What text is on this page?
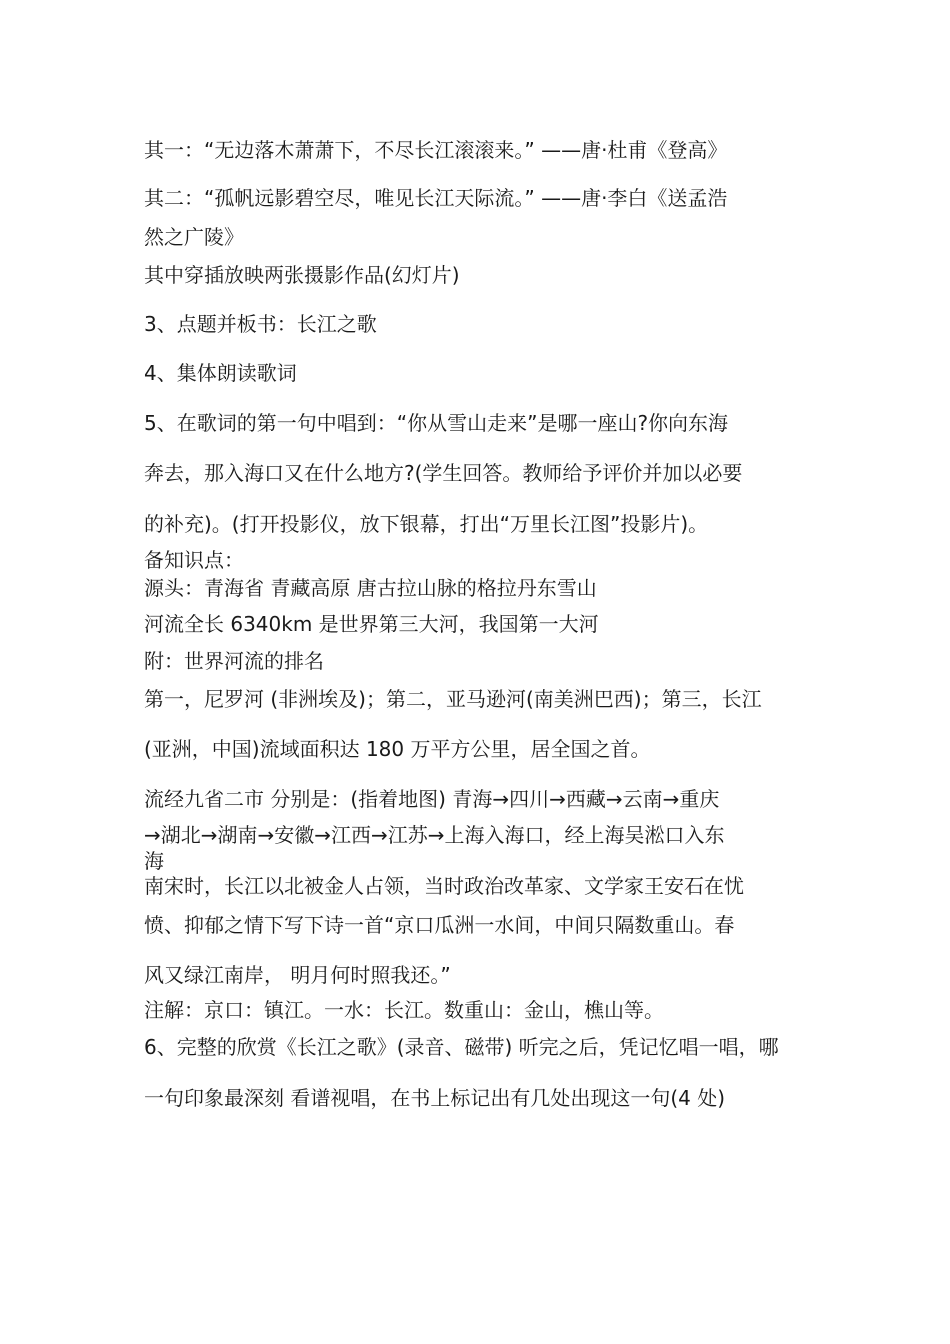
其一：“无边落木萧萧下，不尽长江滚滚来。” ——唐·杜甫《登高》
其二：“孤帆远影碧空尽，唯见长江天际流。” ——唐·李白《送孟浩
然之广陵》
其中穿插放映两张摄影作品(幻灯片)
3、点题并板书：长江之歌
4、集体朗读歌词
5、在歌词的第一句中唱到：“你从雪山走来”是哪一座山?你向东海
奔去，那入海口又在什么地方?(学生回答。教师给予评价并加以必要
的补充)。(打开投影仪，放下银幕，打出“万里长江图”投影片)。
备知识点：
源头：青海省 青藏高原 唐古拉山脉的格拉丹东雪山
河流全长 6340km 是世界第三大河，我国第一大河
附：世界河流的排名
第一，尼罗河 (非洲埃及)；第二，亚马逊河(南美洲巴西)；第三，长江
(亚洲，中国)流域面积达 180 万平方公里，居全国之首。
流经九省二市 分别是：(指着地图) 青海→四川→西藏→云南→重庆
→湖北→湖南→安徽→江西→江苏→上海入海口，经上海吴淞口入东
海
南宋时，长江以北被金人占领，当时政治改革家、文学家王安石在忧
愤、抑郁之情下写下诗一首“京口瓜洲一水间，中间只隔数重山。春
风又绿江南岸， 明月何时照我还。”
注解：京口：镇江。一水：长江。数重山：金山，樵山等。
6、完整的欣赏《长江之歌》(录音、磁带) 听完之后，凭记忆唱一唱，哪
一句印象最深刻 看谱视唱，在书上标记出有几处出现这一句(4 处)
